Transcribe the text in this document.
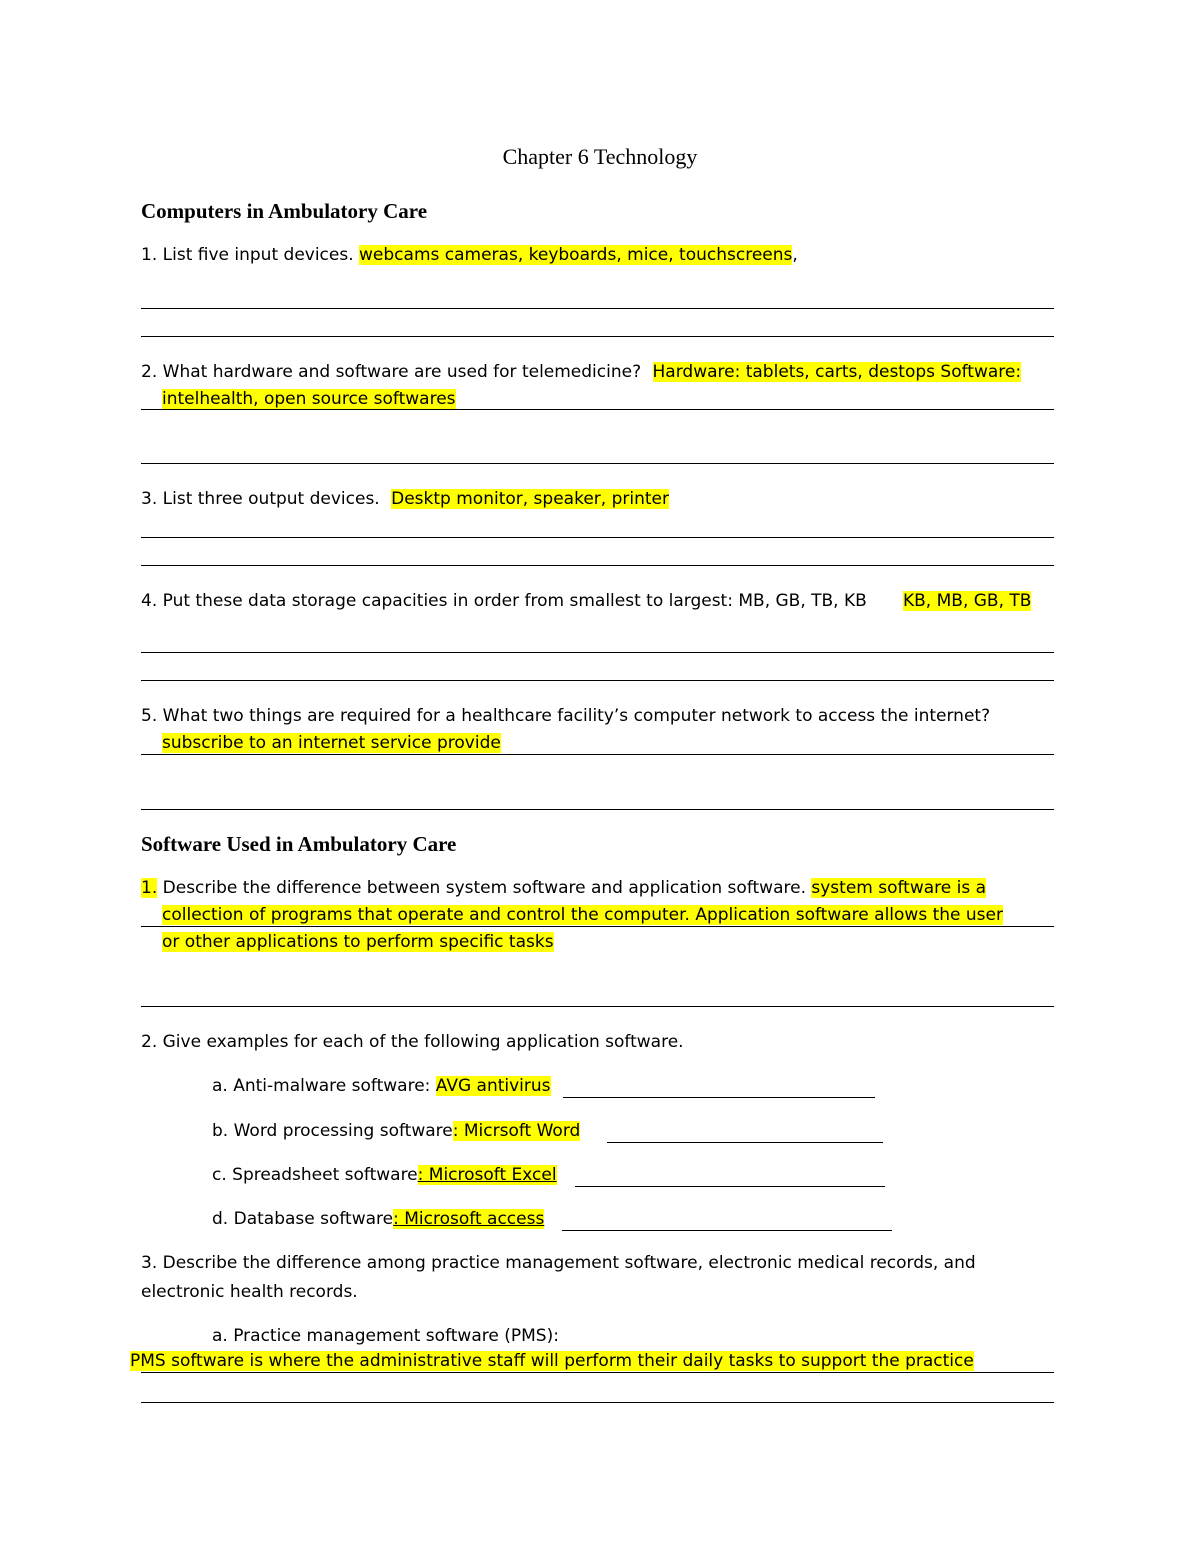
Chapter 6 Technology
Computers in Ambulatory Care
1. List five input devices. webcams cameras, keyboards, mice, touchscreens,
2. What hardware and software are used for telemedicine? Hardware: tablets, carts, destops Software:
intelhealth, open source softwares
3. List three output devices. Desktp monitor, speaker, printer
4. Put these data storage capacities in order from smallest to largest: MB, GB, TB, KB KB, MB, GB, TB
5. What two things are required for a healthcare facility’s computer network to access the internet?
subscribe to an internet service provide
Software Used in Ambulatory Care
1. Describe the difference between system software and application software. system software is a
collection of programs that operate and control the computer. Application software allows the user
or other applications to perform specific tasks
2. Give examples for each of the following application software.
a. Anti-malware software: AVG antivirus
b. Word processing software: Micrsoft Word
c. Spreadsheet software: Microsoft Excel
d. Database software: Microsoft access
3. Describe the difference among practice management software, electronic medical records, and
electronic health records.
a. Practice management software (PMS):
PMS software is where the administrative staff will perform their daily tasks to support the practice
